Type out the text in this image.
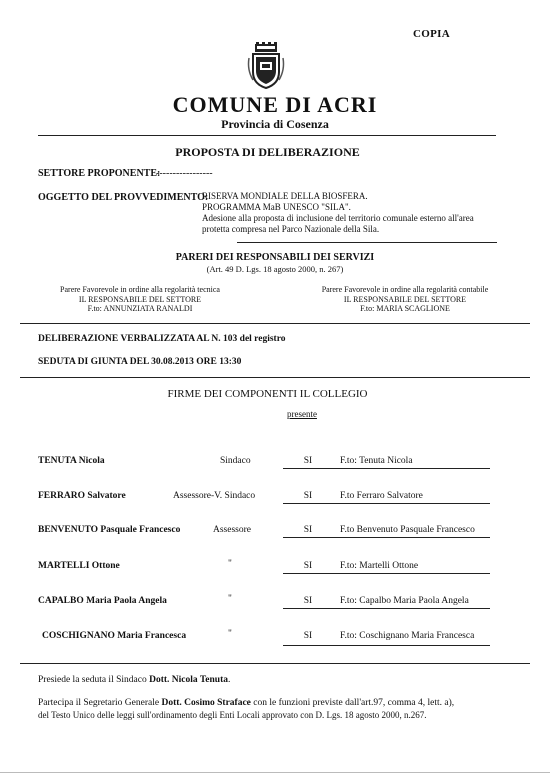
COPIA
COMUNE DI ACRI
Provincia di Cosenza
PROPOSTA DI DELIBERAZIONE
SETTORE PROPONENTE:
-----------------
OGGETTO DEL PROVVEDIMENTO:
RISERVA MONDIALE DELLA BIOSFERA.
PROGRAMMA MaB UNESCO "SILA".
Adesione alla proposta di inclusione del territorio comunale esterno all'area
protetta compresa nel Parco Nazionale della Sila.
PARERI DEI RESPONSABILI DEI SERVIZI
(Art. 49 D. Lgs. 18 agosto 2000, n. 267)
Parere Favorevole in ordine alla regolarità tecnica
IL RESPONSABILE DEL SETTORE
F.to: ANNUNZIATA RANALDI
Parere Favorevole in ordine alla regolarità contabile
IL RESPONSABILE DEL SETTORE
F.to: MARIA SCAGLIONE
DELIBERAZIONE VERBALIZZATA AL N. 103 del registro
SEDUTA DI GIUNTA DEL 30.08.2013 ORE 13:30
FIRME DEI COMPONENTI IL COLLEGIO
presente
TENUTA Nicola	Sindaco	SI	F.to: Tenuta Nicola
FERRARO Salvatore	Assessore-V. Sindaco	SI	F.to Ferraro Salvatore
BENVENUTO Pasquale Francesco	Assessore	SI	F.to Benvenuto Pasquale Francesco
MARTELLI Ottone	"	SI	F.to: Martelli Ottone
CAPALBO Maria Paola Angela	"	SI	F.to: Capalbo Maria Paola Angela
COSCHIGNANO Maria Francesca	"	SI	F.to: Coschignano Maria Francesca
Presiede la seduta il Sindaco Dott. Nicola Tenuta.
Partecipa il Segretario Generale Dott. Cosimo Straface con le funzioni previste dall'art.97, comma 4, lett. a),
del Testo Unico delle leggi sull'ordinamento degli Enti Locali approvato con D. Lgs. 18 agosto 2000, n.267.
